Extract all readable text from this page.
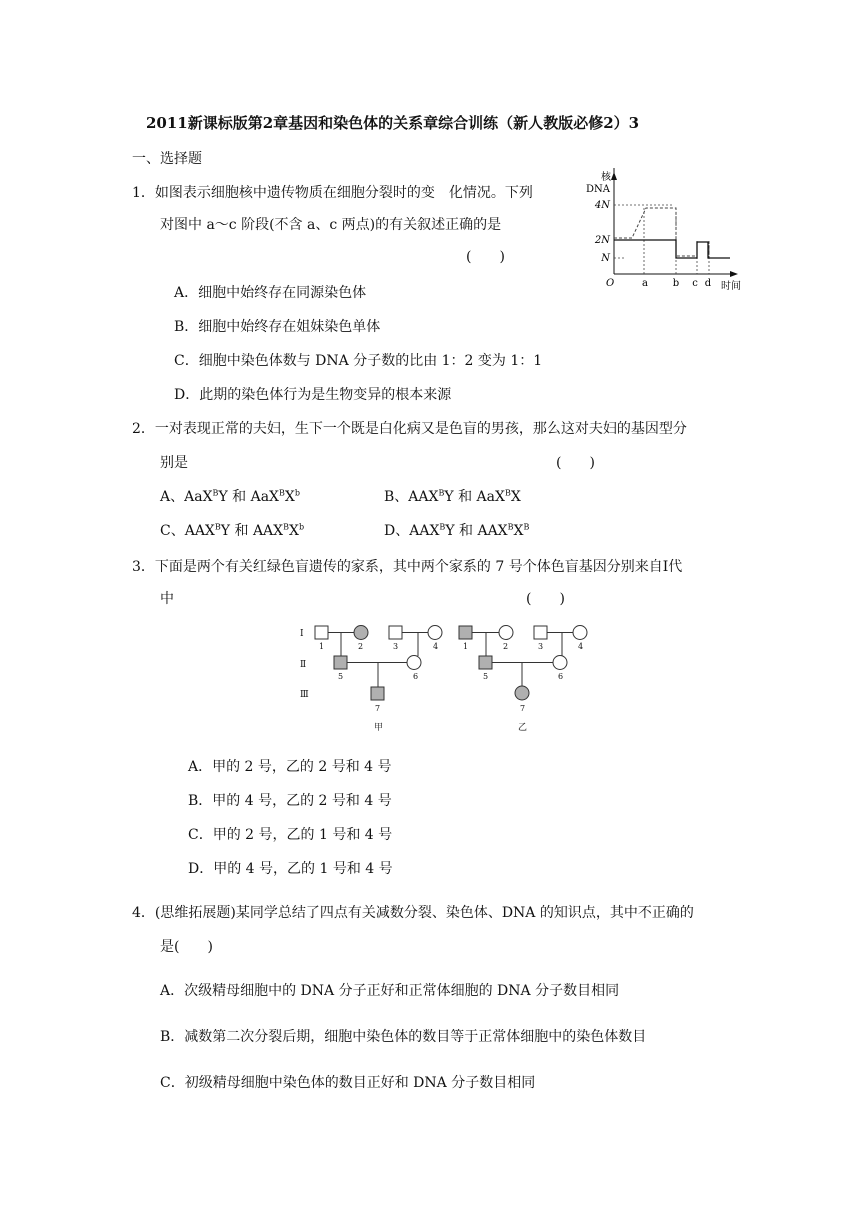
2011新课标版第2章基因和染色体的关系章综合训练（新人教版必修2）3
一、选择题
1．如图表示细胞核中遗传物质在细胞分裂时的变　化情况。下列
对图中 a～c 阶段(不含 a、c 两点)的有关叙述正确的是
(　　)
A．细胞中始终存在同源染色体
B．细胞中始终存在姐妹染色单体
C．细胞中染色体数与 DNA 分子数的比由 1：2 变为 1：1
D．此期的染色体行为是生物变异的根本来源
核
DNA
4N
2N
N
O	a b c d 时间
2．一对表现正常的夫妇，生下一个既是白化病又是色盲的男孩，那么这对夫妇的基因型分
别是	(　　)
A、AaX$^B$Y 和 $AaX^BX^b$	B、$AAX^BY$ 和 AaX$^B$X
C、$AAX^BY$ 和 $AAX^BX^b$	D、$AAX^BY$ 和 $AAX^BX^B$
3．下面是两个有关红绿色盲遗传的家系，其中两个家系的 7 号个体色盲基因分别来自Ⅰ代
中	(　　)
Ⅰ
Ⅱ
Ⅲ
1	2	3	4
5	6
7
甲
1	2	3	4
5	6
7
乙
A．甲的 2 号，乙的 2 号和 4 号
B．甲的 4 号，乙的 2 号和 4 号
C．甲的 2 号，乙的 1 号和 4 号
D．甲的 4 号，乙的 1 号和 4 号
4．(思维拓展题)某同学总结了四点有关减数分裂、染色体、DNA 的知识点，其中不正确的
是(　　)
A．次级精母细胞中的 DNA 分子正好和正常体细胞的 DNA 分子数目相同
B．减数第二次分裂后期，细胞中染色体的数目等于正常体细胞中的染色体数目
C．初级精母细胞中染色体的数目正好和 DNA 分子数目相同
